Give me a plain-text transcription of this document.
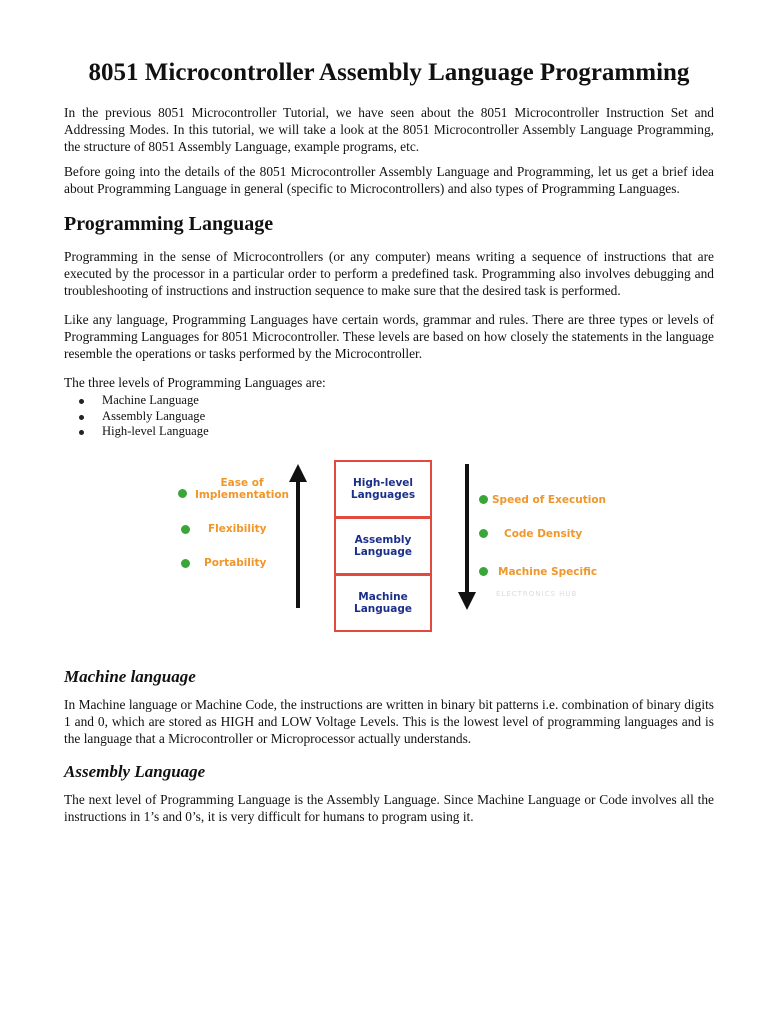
8051 Microcontroller Assembly Language Programming

In the previous 8051 Microcontroller Tutorial, we have seen about the 8051 Microcontroller Instruction Set and Addressing Modes. In this tutorial, we will take a look at the 8051 Microcontroller Assembly Language Programming, the structure of 8051 Assembly Language, example programs, etc.

Before going into the details of the 8051 Microcontroller Assembly Language and Programming, let us get a brief idea about Programming Language in general (specific to Microcontrollers) and also types of Programming Languages.

Programming Language

Programming in the sense of Microcontrollers (or any computer) means writing a sequence of instructions that are executed by the processor in a particular order to perform a predefined task. Programming also involves debugging and troubleshooting of instructions and instruction sequence to make sure that the desired task is performed.

Like any language, Programming Languages have certain words, grammar and rules. There are three types or levels of Programming Languages for 8051 Microcontroller. These levels are based on how closely the statements in the language resemble the operations or tasks performed by the Microcontroller.

The three levels of Programming Languages are:

Machine Language
Assembly Language
High-level Language
Ease of Implementation
Flexibility
Portability
High-level Languages
Assembly Language
Machine Language
Speed of Execution
Code Density
Machine Specific
ELECTRONICS HUB
Machine language

In Machine language or Machine Code, the instructions are written in binary bit patterns i.e. combination of binary digits 1 and 0, which are stored as HIGH and LOW Voltage Levels. This is the lowest level of programming languages and is the language that a Microcontroller or Microprocessor actually understands.

Assembly Language

The next level of Programming Language is the Assembly Language. Since Machine Language or Code involves all the instructions in 1’s and 0’s, it is very difficult for humans to program using it.
